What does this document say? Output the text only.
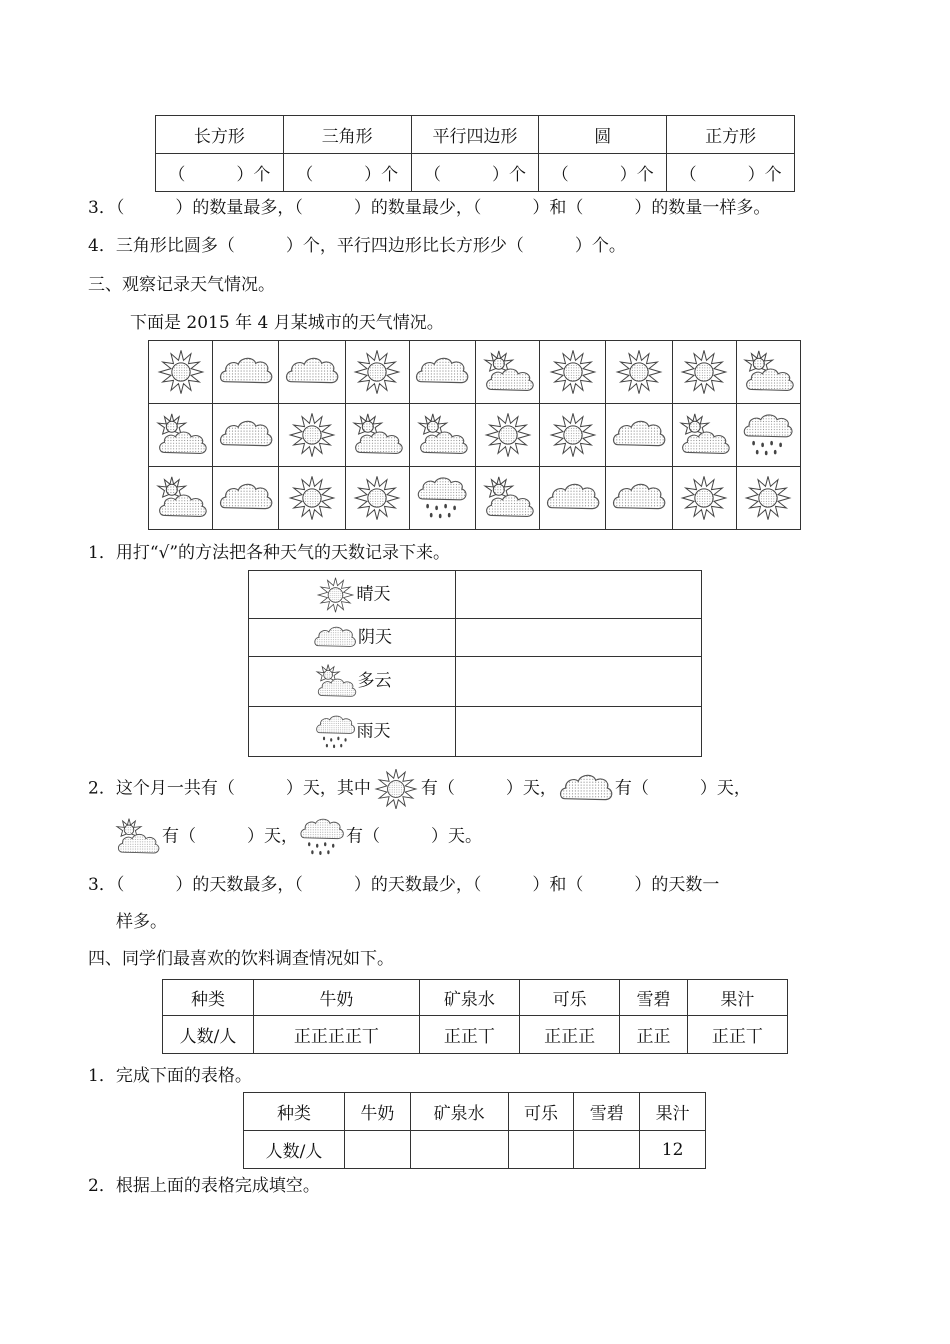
长方形	三角形	平行四边形	圆	正方形
（　　　）个	（　　　）个	（　　　）个	（　　　）个	（　　　）个
3．（　　　）的数量最多，（　　　）的数量最少，（　　　）和（　　　）的数量一样多。
4．三角形比圆多（　　　）个，平行四边形比长方形少（　　　）个。
三、观察记录天气情况。
下面是 2015 年 4 月某城市的天气情况。

1．用打“√”的方法把各种天气的天数记录下来。
晴天	
阴天	
多云	
雨天	
2．这个月一共有（　　　）天，其中	有（　　　）天，	有（　　　）天，
有（　　　）天，	有（　　　）天。
3．（　　　）的天数最多，（　　　）的天数最少，（　　　）和（　　　）的天数一
样多。
四、同学们最喜欢的饮料调查情况如下。
种类	牛奶	矿泉水	可乐	雪碧	果汁
人数/人	正正正正丅	正正丅	正正正	正正	正正丅
1．完成下面的表格。
种类	牛奶	矿泉水	可乐	雪碧	果汁
人数/人					12
2．根据上面的表格完成填空。
